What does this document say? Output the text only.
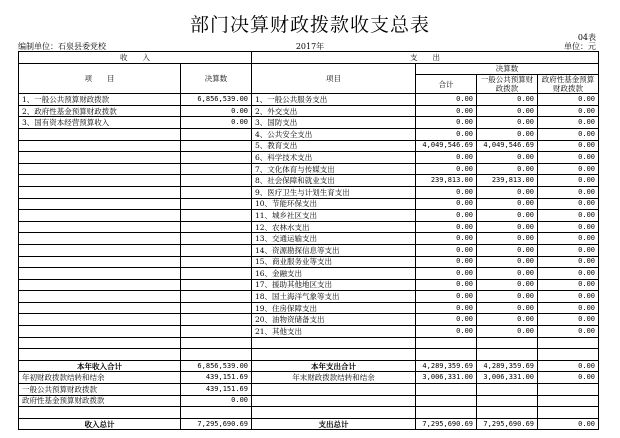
部门决算财政拨款收支总表
04表
编制单位：石泉县委党校	2017年	单位：元
收　　入		支　　出			
项　　目	决算数	项目	决算数		
			合计	一般公共预算财政拨款	政府性基金预算财政拨款

1、一般公共预算财政拨款	6,856,539.00	1、一般公共服务支出	0.00	0.00	0.00
2、政府性基金预算财政拨款	0.00	2、外交支出	0.00	0.00	0.00
3、国有资本经营预算收入	0.00	3、国防支出	0.00	0.00	0.00
		4、公共安全支出	0.00	0.00	0.00
		5、教育支出	4,049,546.69	4,049,546.69	0.00
		6、科学技术支出	0.00	0.00	0.00
		7、文化体育与传媒支出	0.00	0.00	0.00
		8、社会保障和就业支出	239,813.00	239,813.00	0.00
		9、医疗卫生与计划生育支出	0.00	0.00	0.00
		10、节能环保支出	0.00	0.00	0.00
		11、城乡社区支出	0.00	0.00	0.00
		12、农林水支出	0.00	0.00	0.00
		13、交通运输支出	0.00	0.00	0.00
		14、资源勘探信息等支出	0.00	0.00	0.00
		15、商业服务业等支出	0.00	0.00	0.00
		16、金融支出	0.00	0.00	0.00
		17、援助其他地区支出	0.00	0.00	0.00
		18、国土海洋气象等支出	0.00	0.00	0.00
		19、住房保障支出	0.00	0.00	0.00
		20、油物资储备支出	0.00	0.00	0.00
		21、其他支出	0.00	0.00	0.00

本年收入合计	6,856,539.00	本年支出合计	4,289,359.69	4,289,359.69	0.00
年初财政拨款结转和结余	439,151.69	年末财政拨款结转和结余	3,006,331.00	3,006,331.00	0.00
一般公共预算财政拨款	439,151.69				
政府性基金预算财政拨款	0.00				

收入总计	7,295,690.69	支出总计	7,295,690.69	7,295,690.69	0.00
